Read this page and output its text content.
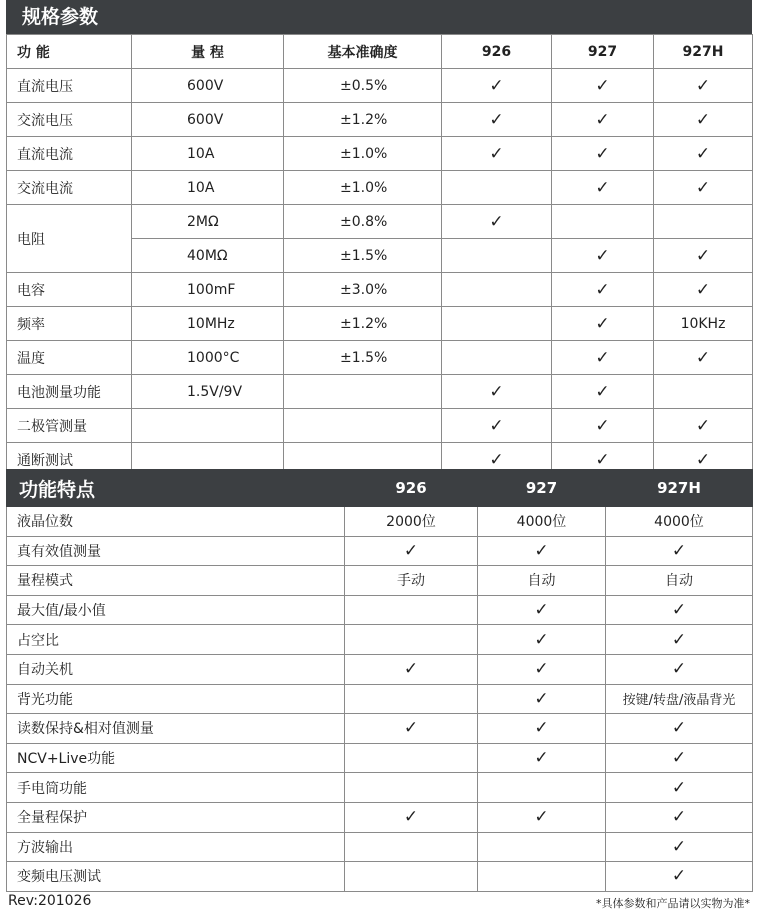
规格参数
功 能	量 程	基本准确度	926	927	927H
直流电压	600V	±0.5%	✓	✓	✓
交流电压	600V	±1.2%	✓	✓	✓
直流电流	10A	±1.0%	✓	✓	✓
交流电流	10A	±1.0%		✓	✓
电阻	2MΩ	±0.8%	✓		
	40MΩ	±1.5%		✓	✓
电容	100mF	±3.0%		✓	✓
频率	10MHz	±1.2%		✓	10KHz
温度	1000°C	±1.5%		✓	✓
电池测量功能	1.5V/9V		✓	✓	
二极管测量			✓	✓	✓
通断测试			✓	✓	✓
功能特点	926	927	927H
液晶位数	2000位	4000位	4000位
真有效值测量	✓	✓	✓
量程模式	手动	自动	自动
最大值/最小值		✓	✓
占空比		✓	✓
自动关机	✓	✓	✓
背光功能		✓	按键/转盘/液晶背光
读数保持&相对值测量	✓	✓	✓
NCV+Live功能		✓	✓
手电筒功能			✓
全量程保护	✓	✓	✓
方波输出			✓
变频电压测试			✓
Rev:201026	*具体参数和产品请以实物为准*
